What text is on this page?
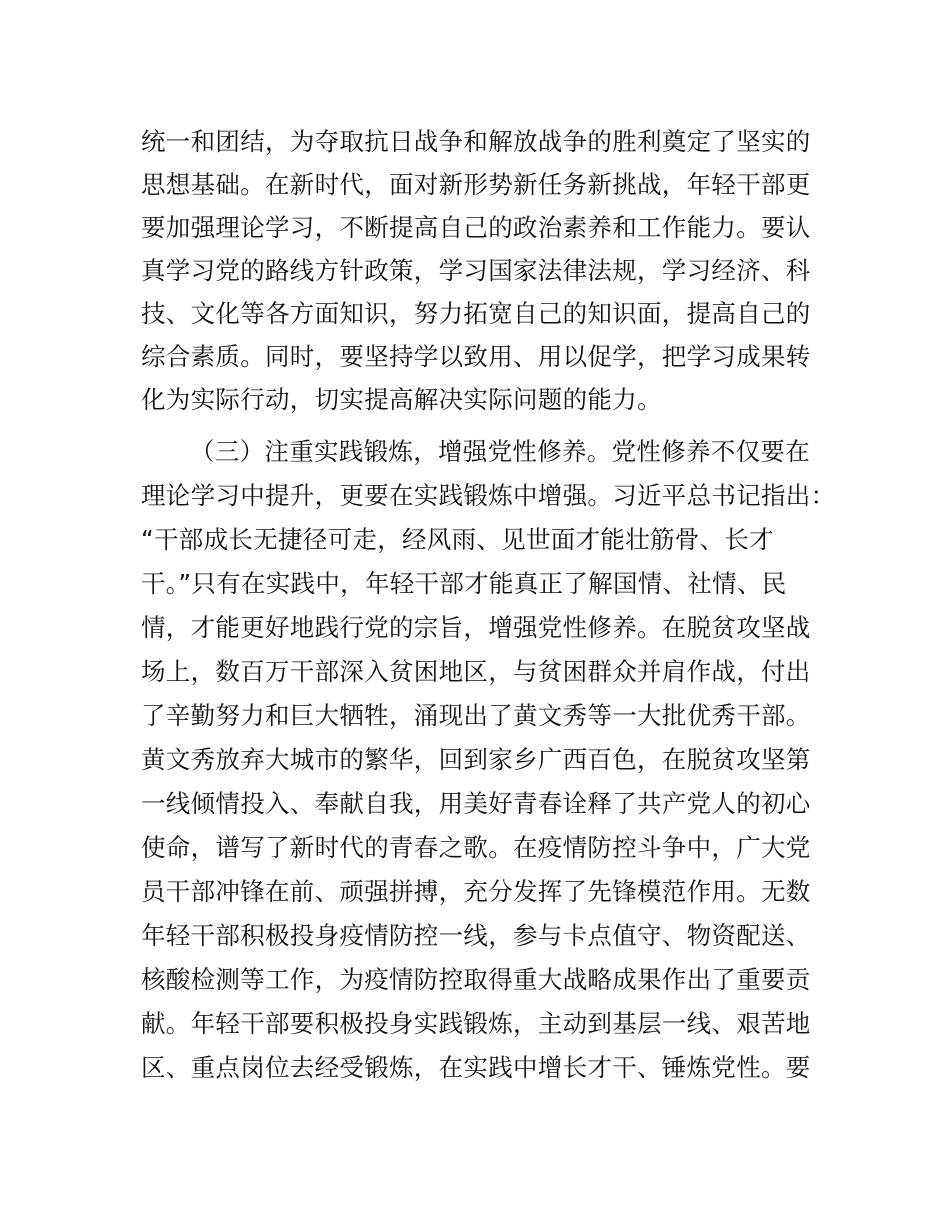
统一和团结，为夺取抗日战争和解放战争的胜利奠定了坚实的
思想基础。在新时代，面对新形势新任务新挑战，年轻干部更
要加强理论学习，不断提高自己的政治素养和工作能力。要认
真学习党的路线方针政策，学习国家法律法规，学习经济、科
技、文化等各方面知识，努力拓宽自己的知识面，提高自己的
综合素质。同时，要坚持学以致用、用以促学，把学习成果转
化为实际行动，切实提高解决实际问题的能力。
（三）注重实践锻炼，增强党性修养。党性修养不仅要在
理论学习中提升，更要在实践锻炼中增强。习近平总书记指出：
“干部成长无捷径可走，经风雨、见世面才能壮筋骨、长才
干。”只有在实践中，年轻干部才能真正了解国情、社情、民
情，才能更好地践行党的宗旨，增强党性修养。在脱贫攻坚战
场上，数百万干部深入贫困地区，与贫困群众并肩作战，付出
了辛勤努力和巨大牺牲，涌现出了黄文秀等一大批优秀干部。
黄文秀放弃大城市的繁华，回到家乡广西百色，在脱贫攻坚第
一线倾情投入、奉献自我，用美好青春诠释了共产党人的初心
使命，谱写了新时代的青春之歌。在疫情防控斗争中，广大党
员干部冲锋在前、顽强拼搏，充分发挥了先锋模范作用。无数
年轻干部积极投身疫情防控一线，参与卡点值守、物资配送、
核酸检测等工作，为疫情防控取得重大战略成果作出了重要贡
献。年轻干部要积极投身实践锻炼，主动到基层一线、艰苦地
区、重点岗位去经受锻炼，在实践中增长才干、锤炼党性。要
